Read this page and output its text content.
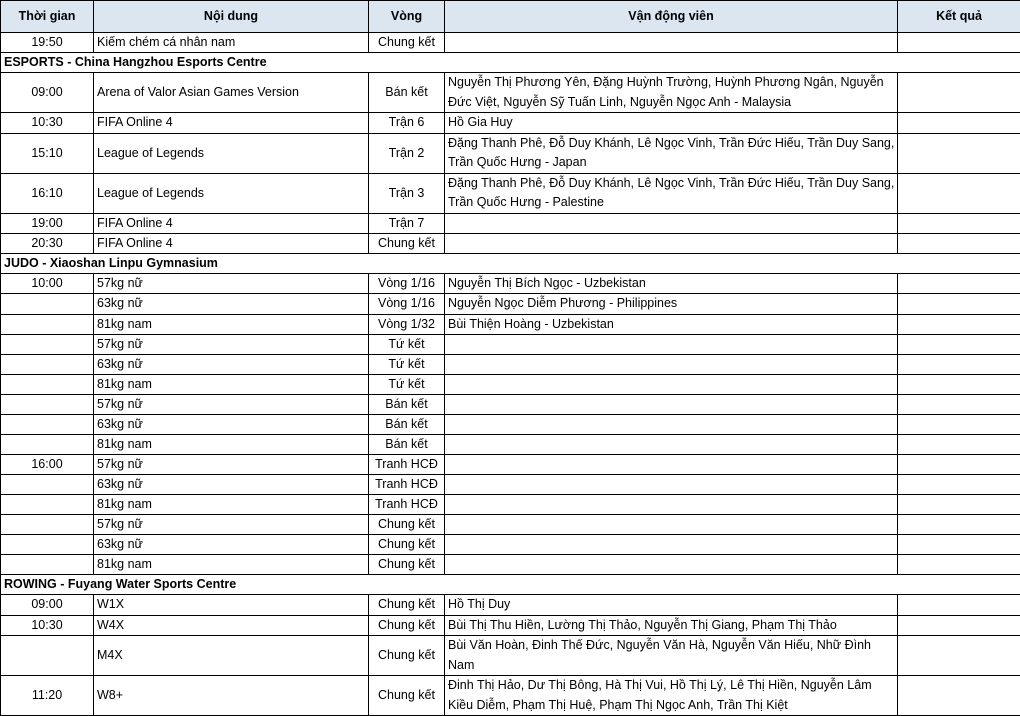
Thời gian	Nội dung	Vòng	Vận động viên	Kết quả
19:50	Kiếm chém cá nhân nam	Chung kết		
ESPORTS - China Hangzhou Esports Centre				
09:00	Arena of Valor Asian Games Version	Bán kết	Nguyễn Thị Phương Yên, Đặng Huỳnh Trường, Huỳnh Phương Ngân, Nguyễn Đức Việt, Nguyễn Sỹ Tuấn Linh, Nguyễn Ngọc Anh - Malaysia	
10:30	FIFA Online 4	Trận 6	Hồ Gia Huy	
15:10	League of Legends	Trận 2	Đặng Thanh Phê, Đỗ Duy Khánh, Lê Ngọc Vinh, Trần Đức Hiếu, Trần Duy Sang, Trần Quốc Hưng - Japan	
16:10	League of Legends	Trận 3	Đặng Thanh Phê, Đỗ Duy Khánh, Lê Ngọc Vinh, Trần Đức Hiếu, Trần Duy Sang, Trần Quốc Hưng - Palestine	
19:00	FIFA Online 4	Trận 7		
20:30	FIFA Online 4	Chung kết		
JUDO - Xiaoshan Linpu Gymnasium				
10:00	57kg nữ	Vòng 1/16	Nguyễn Thị Bích Ngọc - Uzbekistan	
	63kg nữ	Vòng 1/16	Nguyễn Ngọc Diễm Phương - Philippines	
	81kg nam	Vòng 1/32	Bùi Thiện Hoàng - Uzbekistan	
	57kg nữ	Tứ kết		
	63kg nữ	Tứ kết		
	81kg nam	Tứ kết		
	57kg nữ	Bán kết		
	63kg nữ	Bán kết		
	81kg nam	Bán kết		
16:00	57kg nữ	Tranh HCĐ		
	63kg nữ	Tranh HCĐ		
	81kg nam	Tranh HCĐ		
	57kg nữ	Chung kết		
	63kg nữ	Chung kết		
	81kg nam	Chung kết		
ROWING - Fuyang Water Sports Centre				
09:00	W1X	Chung kết	Hồ Thị Duy	
10:30	W4X	Chung kết	Bùi Thị Thu Hiền, Lường Thị Thảo, Nguyễn Thị Giang, Phạm Thị Thảo	
	M4X	Chung kết	Bùi Văn Hoàn, Đinh Thế Đức, Nguyễn Văn Hà, Nguyễn Văn Hiếu, Nhữ Đình Nam	
11:20	W8+	Chung kết	Đinh Thị Hảo, Dư Thị Bông, Hà Thị Vui, Hồ Thị Lý, Lê Thị Hiền, Nguyễn Lâm Kiều Diễm, Phạm Thị Huệ, Phạm Thị Ngọc Anh, Trần Thị Kiệt	
